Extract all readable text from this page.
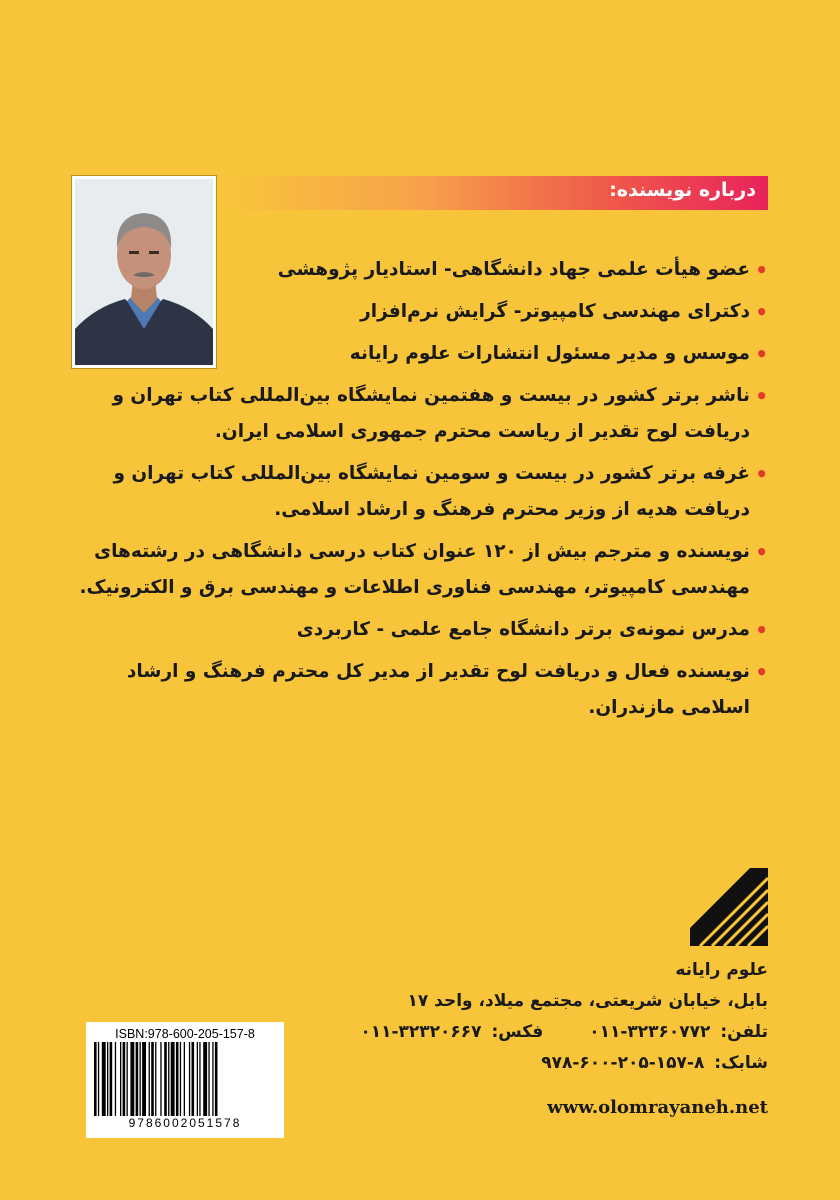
درباره نویسنده:
• عضو هیأت علمی جهاد دانشگاهی- استادیار پژوهشی
• دکترای مهندسی کامپیوتر- گرایش نرم‌افزار
• موسس و مدیر مسئول انتشارات علوم رایانه
• ناشر برتر کشور در بیست و هفتمین نمایشگاه بین‌المللی کتاب تهران و دریافت لوح تقدیر از ریاست محترم جمهوری اسلامی ایران.
• غرفه برتر کشور در بیست و سومین نمایشگاه بین‌المللی کتاب تهران و دریافت هدیه از وزیر محترم فرهنگ و ارشاد اسلامی.
• نویسنده و مترجم بیش از ۱۲۰ عنوان کتاب درسی دانشگاهی در رشته‌های مهندسی کامپیوتر، مهندسی فناوری اطلاعات و مهندسی برق و الکترونیک.
• مدرس نمونه‌ی برتر دانشگاه جامع علمی - کاربردی
• نویسنده فعال و دریافت لوح تقدیر از مدیر کل محترم فرهنگ و ارشاد اسلامی مازندران.
علوم رایانه
بابل، خیابان شریعتی، مجتمع میلاد، واحد ۱۷
تلفن: ۰۱۱-۳۲۳۶۰۷۷۲ فکس: ۰۱۱-۳۲۳۲۰۶۶۷
شابک: ۹۷۸-۶۰۰-۲۰۵-۱۵۷-۸
www.olomrayaneh.net
ISBN:978-600-205-157-8
9786002051578
